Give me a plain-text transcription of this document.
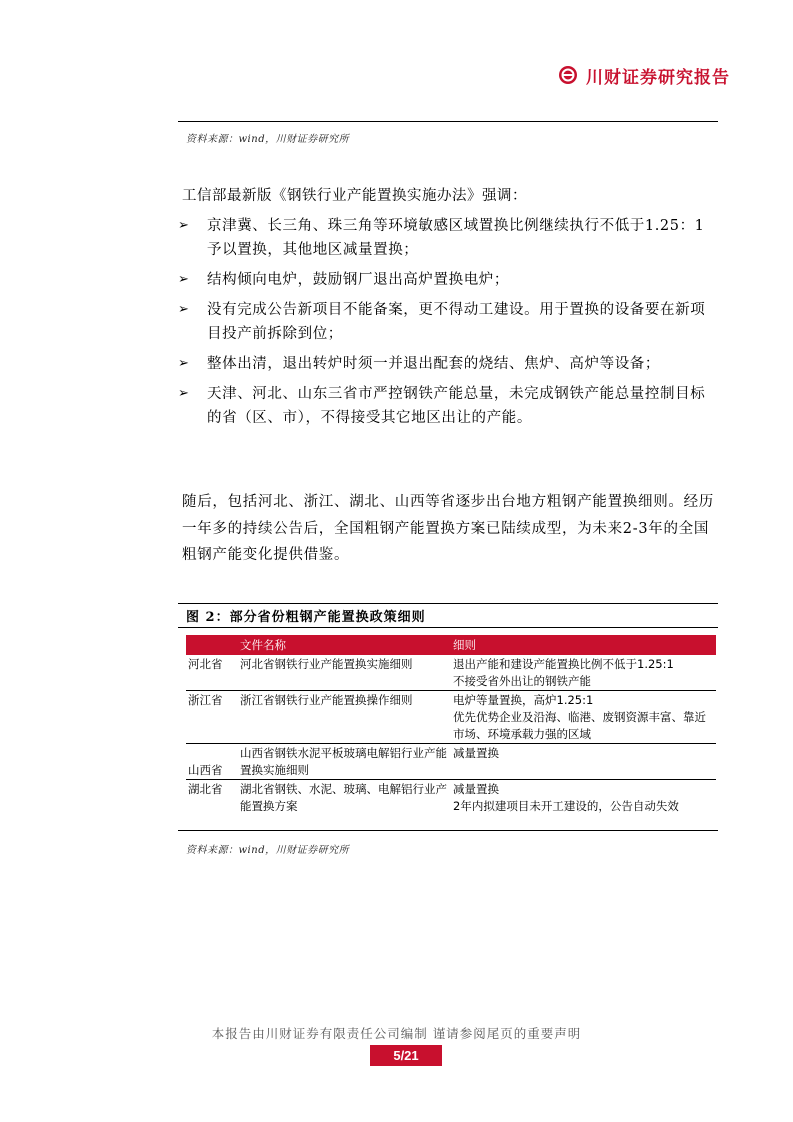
川财证券研究报告
资料来源：wind，川财证券研究所
工信部最新版《钢铁行业产能置换实施办法》强调：
➢	京津冀、长三角、珠三角等环境敏感区域置换比例继续执行不低于1.25：1予以置换，其他地区减量置换；
➢	结构倾向电炉，鼓励钢厂退出高炉置换电炉；
➢	没有完成公告新项目不能备案，更不得动工建设。用于置换的设备要在新项目投产前拆除到位；
➢	整体出清，退出转炉时须一并退出配套的烧结、焦炉、高炉等设备；
➢	天津、河北、山东三省市严控钢铁产能总量，未完成钢铁产能总量控制目标的省（区、市），不得接受其它地区出让的产能。

随后，包括河北、浙江、湖北、山西等省逐步出台地方粗钢产能置换细则。经历一年多的持续公告后，全国粗钢产能置换方案已陆续成型，为未来2-3年的全国粗钢产能变化提供借鉴。

图 2：部分省份粗钢产能置换政策细则
	文件名称	细则
河北省	河北省钢铁行业产能置换实施细则	退出产能和建设产能置换比例不低于1.25:1
不接受省外出让的钢铁产能

浙江省	浙江省钢铁行业产能置换操作细则	电炉等量置换，高炉1.25:1
优先优势企业及沿海、临港、废钢资源丰富、靠近市场、环境承载力强的区域

山西省	山西省钢铁水泥平板玻璃电解铝行业产能置换实施细则	减量置换

湖北省	湖北省钢铁、水泥、玻璃、电解铝行业产能置换方案	减量置换
2年内拟建项目未开工建设的，公告自动失效
资料来源：wind，川财证券研究所
本报告由川财证券有限责任公司编制 谨请参阅尾页的重要声明
5/21
